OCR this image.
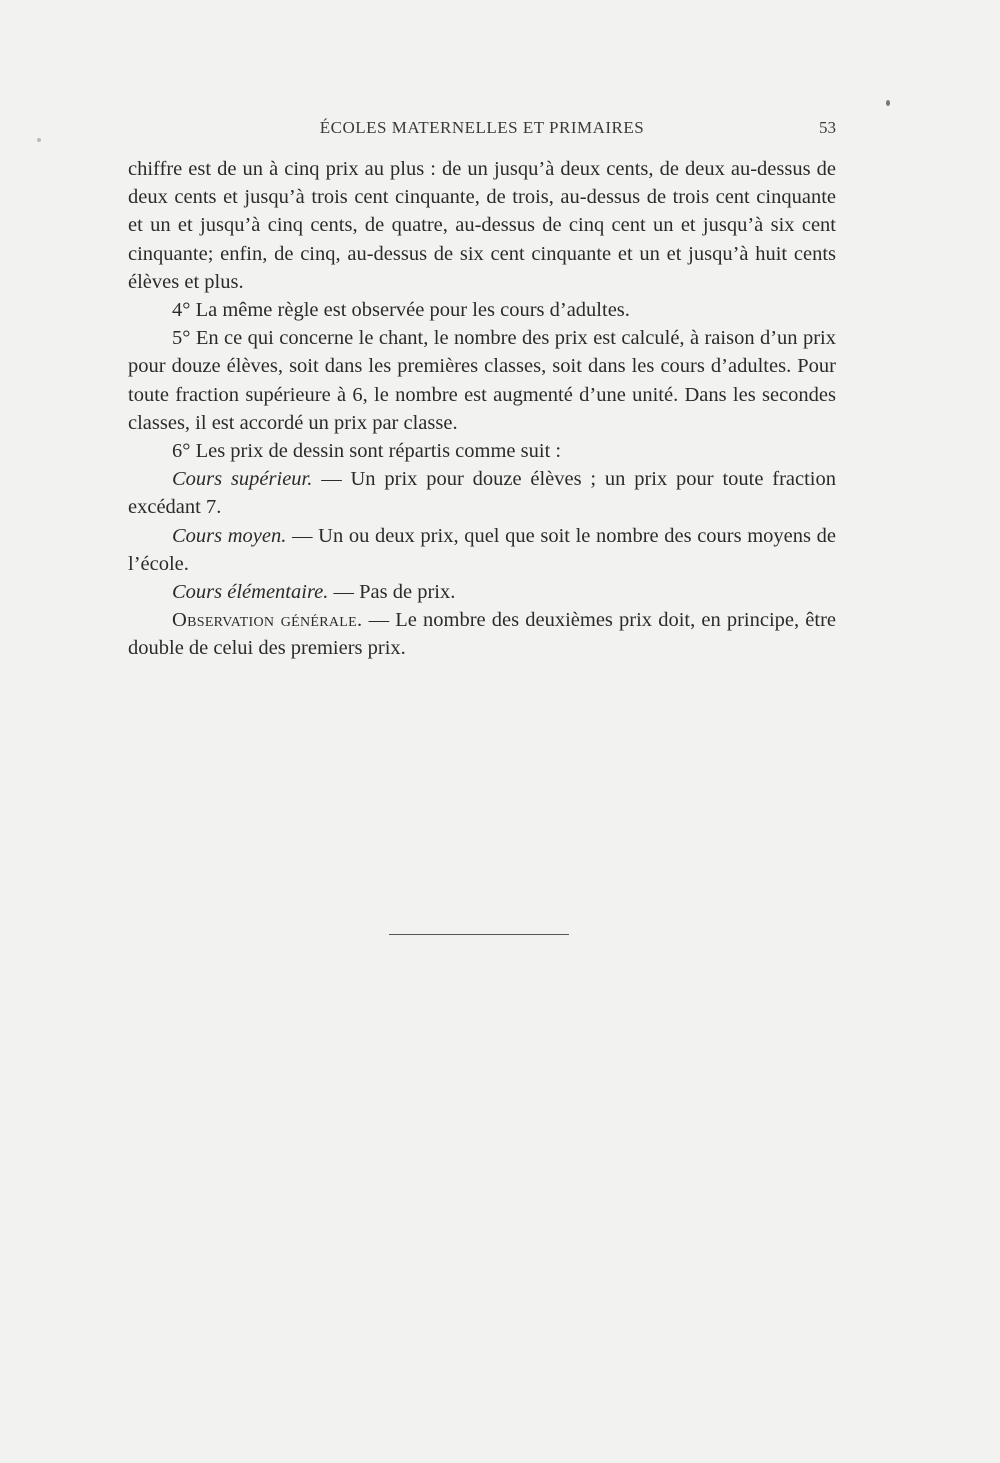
ÉCOLES MATERNELLES ET PRIMAIRES	53

chiffre est de un à cinq prix au plus : de un jusqu’à deux cents, de deux au-dessus de deux cents et jusqu’à trois cent cinquante, de trois, au-dessus de trois cent cinquante et un et jusqu’à cinq cents, de quatre, au-dessus de cinq cent un et jusqu’à six cent cinquante; enfin, de cinq, au-dessus de six cent cinquante et un et jusqu’à huit cents élèves et plus.

4° La même règle est observée pour les cours d’adultes.

5° En ce qui concerne le chant, le nombre des prix est calculé, à raison d’un prix pour douze élèves, soit dans les premières classes, soit dans les cours d’adultes. Pour toute fraction supérieure à 6, le nombre est augmenté d’une unité. Dans les secondes classes, il est accordé un prix par classe.

6° Les prix de dessin sont répartis comme suit :

Cours supérieur. — Un prix pour douze élèves ; un prix pour toute fraction excédant 7.

Cours moyen. — Un ou deux prix, quel que soit le nombre des cours moyens de l’école.

Cours élémentaire. — Pas de prix.

Observation générale. — Le nombre des deuxièmes prix doit, en principe, être double de celui des premiers prix.
